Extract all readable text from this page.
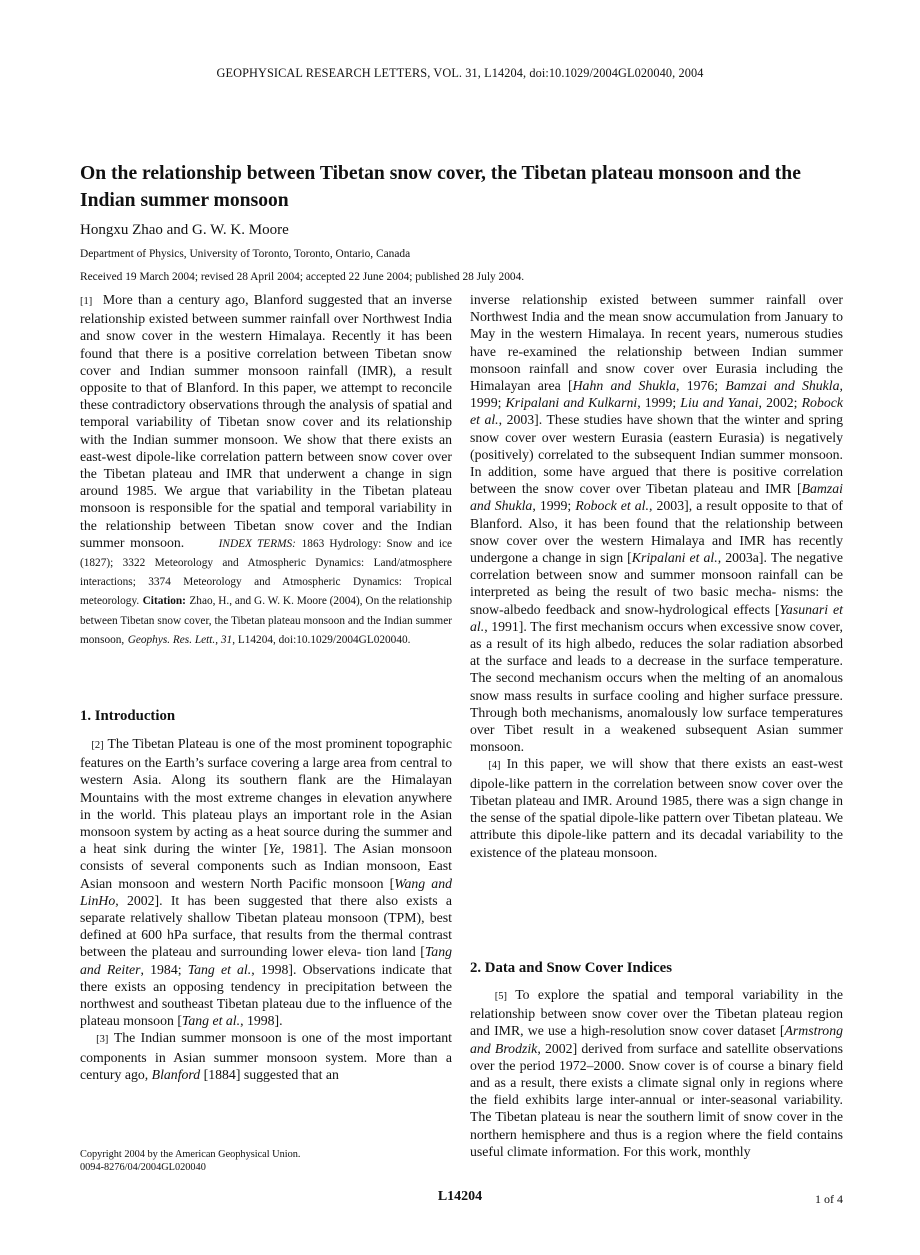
GEOPHYSICAL RESEARCH LETTERS, VOL. 31, L14204, doi:10.1029/2004GL020040, 2004
On the relationship between Tibetan snow cover, the Tibetan plateau monsoon and the Indian summer monsoon
Hongxu Zhao and G. W. K. Moore
Department of Physics, University of Toronto, Toronto, Ontario, Canada
Received 19 March 2004; revised 28 April 2004; accepted 22 June 2004; published 28 July 2004.

[1] More than a century ago, Blanford suggested that an inverse relationship existed between summer rainfall over Northwest India and snow cover in the western Himalaya. Recently it has been found that there is a positive correlation between Tibetan snow cover and Indian summer monsoon rainfall (IMR), a result opposite to that of Blanford. In this paper, we attempt to reconcile these contradictory observations through the analysis of spatial and temporal variability of Tibetan snow cover and its relationship with the Indian summer monsoon. We show that there exists an east-west dipole-like correlation pattern between snow cover over the Tibetan plateau and IMR that underwent a change in sign around 1985. We argue that variability in the Tibetan plateau monsoon is responsible for the spatial and temporal variability in the relationship between Tibetan snow cover and the Indian summer monsoon.	INDEX TERMS: 1863 Hydrology: Snow and ice (1827); 3322 Meteorology and Atmospheric Dynamics: Land/atmosphere interactions; 3374 Meteorology and Atmospheric Dynamics: Tropical meteorology. Citation: Zhao, H., and G. W. K. Moore (2004), On the relationship between Tibetan snow cover, the Tibetan plateau monsoon and the Indian summer monsoon, Geophys. Res. Lett., 31, L14204, doi:10.1029/2004GL020040.

1. Introduction

[2] The Tibetan Plateau is one of the most prominent topographic features on the Earth’s surface covering a large area from central to western Asia. Along its southern flank are the Himalayan Mountains with the most extreme changes in elevation anywhere in the world. This plateau plays an important role in the Asian monsoon system by acting as a heat source during the summer and a heat sink during the winter [Ye, 1981]. The Asian monsoon consists of several components such as Indian monsoon, East Asian monsoon and western North Pacific monsoon [Wang and LinHo, 2002]. It has been suggested that there also exists a separate relatively shallow Tibetan plateau monsoon (TPM), best defined at 600 hPa surface, that results from the thermal contrast between the plateau and surrounding lower eleva- tion land [Tang and Reiter, 1984; Tang et al., 1998]. Observations indicate that there exists an opposing tendency in precipitation between the northwest and southeast Tibetan plateau due to the influence of the plateau monsoon [Tang et al., 1998].

[3] The Indian summer monsoon is one of the most important components in Asian summer monsoon system. More than a century ago, Blanford [1884] suggested that an

Copyright 2004 by the American Geophysical Union.
0094-8276/04/2004GL020040

inverse relationship existed between summer rainfall over Northwest India and the mean snow accumulation from January to May in the western Himalaya. In recent years, numerous studies have re-examined the relationship between Indian summer monsoon rainfall and snow cover over Eurasia including the Himalayan area [Hahn and Shukla, 1976; Bamzai and Shukla, 1999; Kripalani and Kulkarni, 1999; Liu and Yanai, 2002; Robock et al., 2003]. These studies have shown that the winter and spring snow cover over western Eurasia (eastern Eurasia) is negatively (positively) correlated to the subsequent Indian summer monsoon. In addition, some have argued that there is positive correlation between the snow cover over Tibetan plateau and IMR [Bamzai and Shukla, 1999; Robock et al., 2003], a result opposite to that of Blanford. Also, it has been found that the relationship between snow cover over the western Himalaya and IMR has recently undergone a change in sign [Kripalani et al., 2003a]. The negative correlation between snow and summer monsoon rainfall can be interpreted as being the result of two basic mecha- nisms: the snow-albedo feedback and snow-hydrological effects [Yasunari et al., 1991]. The first mechanism occurs when excessive snow cover, as a result of its high albedo, reduces the solar radiation absorbed at the surface and leads to a decrease in the surface temperature. The second mechanism occurs when the melting of an anomalous snow mass results in surface cooling and higher surface pressure. Through both mechanisms, anomalously low surface temperatures over Tibet result in a weakened subsequent Asian summer monsoon.

[4] In this paper, we will show that there exists an east-west dipole-like pattern in the correlation between snow cover over the Tibetan plateau and IMR. Around 1985, there was a sign change in the sense of the spatial dipole-like pattern over Tibetan plateau. We attribute this dipole-like pattern and its decadal variability to the existence of the plateau monsoon.

2. Data and Snow Cover Indices

[5] To explore the spatial and temporal variability in the relationship between snow cover over the Tibetan plateau region and IMR, we use a high-resolution snow cover dataset [Armstrong and Brodzik, 2002] derived from surface and satellite observations over the period 1972–2000. Snow cover is of course a binary field and as a result, there exists a climate signal only in regions where the field exhibits large inter-annual or inter-seasonal variability. The Tibetan plateau is near the southern limit of snow cover in the northern hemisphere and thus is a region where the field contains useful climate information. For this work, monthly

L14204	1 of 4
